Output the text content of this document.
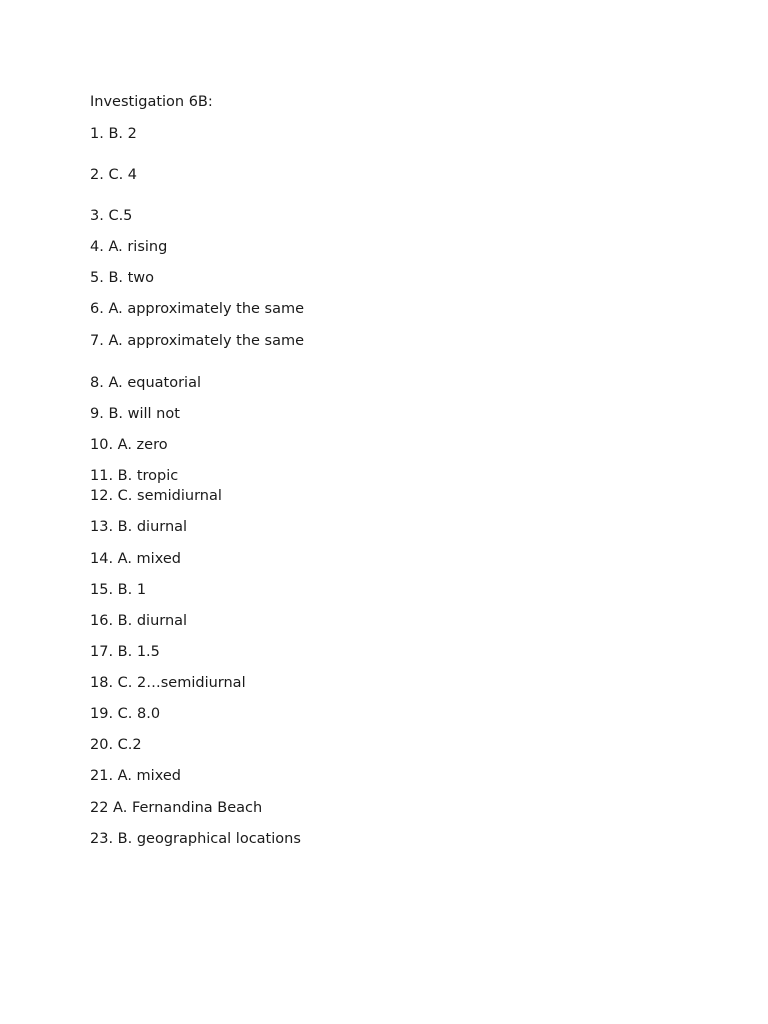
Investigation 6B:

1. B. 2

2. C. 4

3. C.5

4. A. rising

5. B. two

6. A. approximately the same

7. A. approximately the same

8. A. equatorial

9. B. will not

10. A. zero

11. B. tropic

12. C. semidiurnal

13. B. diurnal

14. A. mixed

15. B. 1

16. B. diurnal

17. B. 1.5

18. C. 2…semidiurnal

19. C. 8.0

20. C.2

21. A. mixed

22 A. Fernandina Beach

23. B. geographical locations
